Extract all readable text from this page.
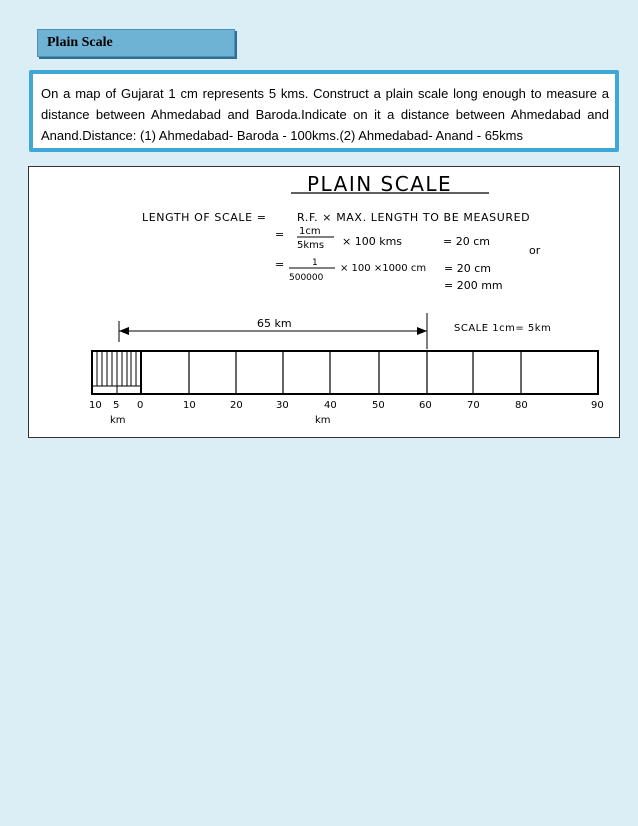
Plain Scale
On a map of Gujarat 1 cm represents 5 kms. Construct a plain scale long enough to measure a distance between Ahmedabad and Baroda.Indicate on it a distance between Ahmedabad and Anand.Distance: (1) Ahmedabad- Baroda - 100kms.(2) Ahmedabad- Anand - 65kms
PLAIN SCALE
LENGTH OF SCALE =	R.F. × MAX. LENGTH TO BE MEASURED
= 1cm
5kms × 100 kms	= 20 cm
or
=	1
500000
× 100 ×1000 cm = 20 cm
= 200 mm
65 km	SCALE 1cm= 5km
10 5 0	10	20	30	40	50	60	70	80	90
km	km
